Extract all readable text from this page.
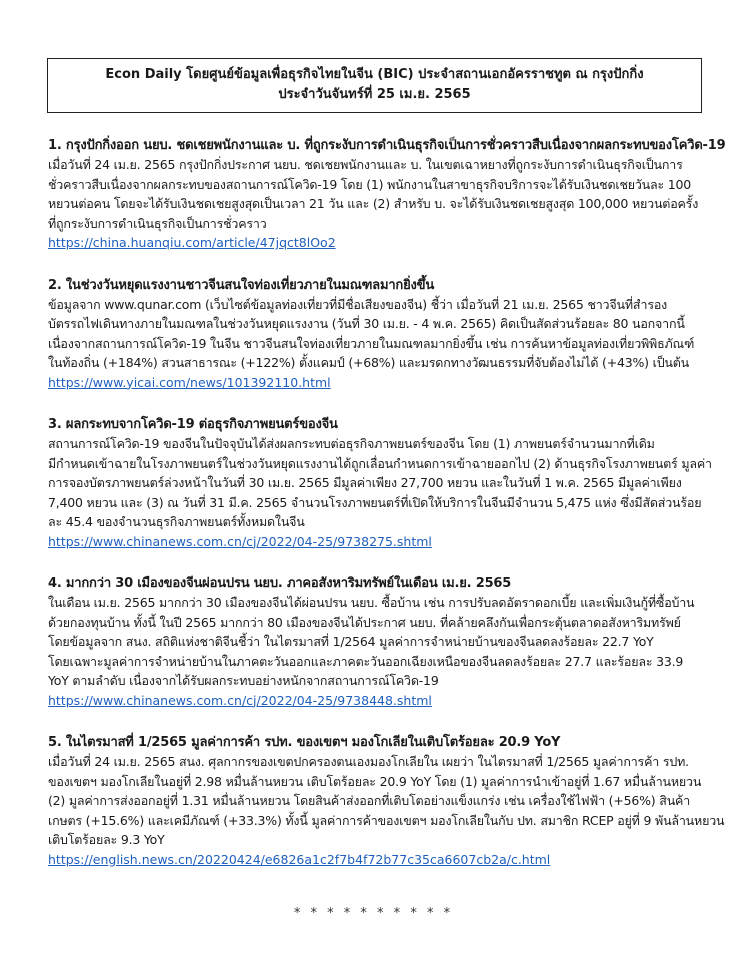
Econ Daily โดยศูนย์ข้อมูลเพื่อธุรกิจไทยในจีน (BIC) ประจำสถานเอกอัครราชทูต ณ กรุงปักกิ่ง
ประจำวันจันทร์ที่ 25 เม.ย. 2565
1. กรุงปักกิ่งออก นยบ. ชดเชยพนักงานและ บ. ที่ถูกระงับการดำเนินธุรกิจเป็นการชั่วคราวสืบเนื่องจากผลกระทบของโควิด-19
เมื่อวันที่ 24 เม.ย. 2565 กรุงปักกิ่งประกาศ นยบ. ชดเชยพนักงานและ บ. ในเขตเฉาหยางที่ถูกระงับการดำเนินธุรกิจเป็นการ
ชั่วคราวสืบเนื่องจากผลกระทบของสถานการณ์โควิด-19 โดย (1) พนักงานในสาขาธุรกิจบริการจะได้รับเงินชดเชยวันละ 100
หยวนต่อคน โดยจะได้รับเงินชดเชยสูงสุดเป็นเวลา 21 วัน และ (2) สำหรับ บ. จะได้รับเงินชดเชยสูงสุด 100,000 หยวนต่อครั้ง
ที่ถูกระงับการดำเนินธุรกิจเป็นการชั่วคราว
https://china.huanqiu.com/article/47jqct8lOo2
2. ในช่วงวันหยุดแรงงานชาวจีนสนใจท่องเที่ยวภายในมณฑลมากยิ่งขึ้น
ข้อมูลจาก www.qunar.com (เว็บไซต์ข้อมูลท่องเที่ยวที่มีชื่อเสียงของจีน) ชี้ว่า เมื่อวันที่ 21 เม.ย. 2565 ชาวจีนที่สำรอง
บัตรรถไฟเดินทางภายในมณฑลในช่วงวันหยุดแรงงาน (วันที่ 30 เม.ย. - 4 พ.ค. 2565) คิดเป็นสัดส่วนร้อยละ 80 นอกจากนี้
เนื่องจากสถานการณ์โควิด-19 ในจีน ชาวจีนสนใจท่องเที่ยวภายในมณฑลมากยิ่งขึ้น เช่น การค้นหาข้อมูลท่องเที่ยวพิพิธภัณฑ์
ในท้องถิ่น (+184%) สวนสาธารณะ (+122%) ตั้งแคมป์ (+68%) และมรดกทางวัฒนธรรมที่จับต้องไม่ได้ (+43%) เป็นต้น
https://www.yicai.com/news/101392110.html
3. ผลกระทบจากโควิด-19 ต่อธุรกิจภาพยนตร์ของจีน
สถานการณ์โควิด-19 ของจีนในปัจจุบันได้ส่งผลกระทบต่อธุรกิจภาพยนตร์ของจีน โดย (1) ภาพยนตร์จำนวนมากที่เดิม
มีกำหนดเข้าฉายในโรงภาพยนตร์ในช่วงวันหยุดแรงงานได้ถูกเลื่อนกำหนดการเข้าฉายออกไป (2) ด้านธุรกิจโรงภาพยนตร์ มูลค่า
การจองบัตรภาพยนตร์ล่วงหน้าในวันที่ 30 เม.ย. 2565 มีมูลค่าเพียง 27,700 หยวน และในวันที่ 1 พ.ค. 2565 มีมูลค่าเพียง
7,400 หยวน และ (3) ณ วันที่ 31 มี.ค. 2565 จำนวนโรงภาพยนตร์ที่เปิดให้บริการในจีนมีจำนวน 5,475 แห่ง ซึ่งมีสัดส่วนร้อย
ละ 45.4 ของจำนวนธุรกิจภาพยนตร์ทั้งหมดในจีน
https://www.chinanews.com.cn/cj/2022/04-25/9738275.shtml
4. มากกว่า 30 เมืองของจีนผ่อนปรน นยบ. ภาคอสังหาริมทรัพย์ในเดือน เม.ย. 2565
ในเดือน เม.ย. 2565 มากกว่า 30 เมืองของจีนได้ผ่อนปรน นยบ. ซื้อบ้าน เช่น การปรับลดอัตราดอกเบี้ย และเพิ่มเงินกู้ที่ซื้อบ้าน
ด้วยกองทุนบ้าน ทั้งนี้ ในปี 2565 มากกว่า 80 เมืองของจีนได้ประกาศ นยบ. ที่คล้ายคลึงกันเพื่อกระตุ้นตลาดอสังหาริมทรัพย์
โดยข้อมูลจาก สนง. สถิติแห่งชาติจีนชี้ว่า ในไตรมาสที่ 1/2564 มูลค่าการจำหน่ายบ้านของจีนลดลงร้อยละ 22.7 YoY
โดยเฉพาะมูลค่าการจำหน่ายบ้านในภาคตะวันออกและภาคตะวันออกเฉียงเหนือของจีนลดลงร้อยละ 27.7 และร้อยละ 33.9
YoY ตามลำดับ เนื่องจากได้รับผลกระทบอย่างหนักจากสถานการณ์โควิด-19
https://www.chinanews.com.cn/cj/2022/04-25/9738448.shtml
5. ในไตรมาสที่ 1/2565 มูลค่าการค้า รปท. ของเขตฯ มองโกเลียในเติบโตร้อยละ 20.9 YoY
เมื่อวันที่ 24 เม.ย. 2565 สนง. ศุลกากรของเขตปกครองตนเองมองโกเลียใน เผยว่า ในไตรมาสที่ 1/2565 มูลค่าการค้า รปท.
ของเขตฯ มองโกเลียในอยู่ที่ 2.98 หมื่นล้านหยวน เติบโตร้อยละ 20.9 YoY โดย (1) มูลค่าการนำเข้าอยู่ที่ 1.67 หมื่นล้านหยวน
(2) มูลค่าการส่งออกอยู่ที่ 1.31 หมื่นล้านหยวน โดยสินค้าส่งออกที่เติบโตอย่างแข็งแกร่ง เช่น เครื่องใช้ไฟฟ้า (+56%) สินค้า
เกษตร (+15.6%) และเคมีภัณฑ์ (+33.3%) ทั้งนี้ มูลค่าการค้าของเขตฯ มองโกเลียในกับ ปท. สมาชิก RCEP อยู่ที่ 9 พันล้านหยวน
เติบโตร้อยละ 9.3 YoY
https://english.news.cn/20220424/e6826a1c2f7b4f72b77c35ca6607cb2a/c.html
* * * * * * * * * *
